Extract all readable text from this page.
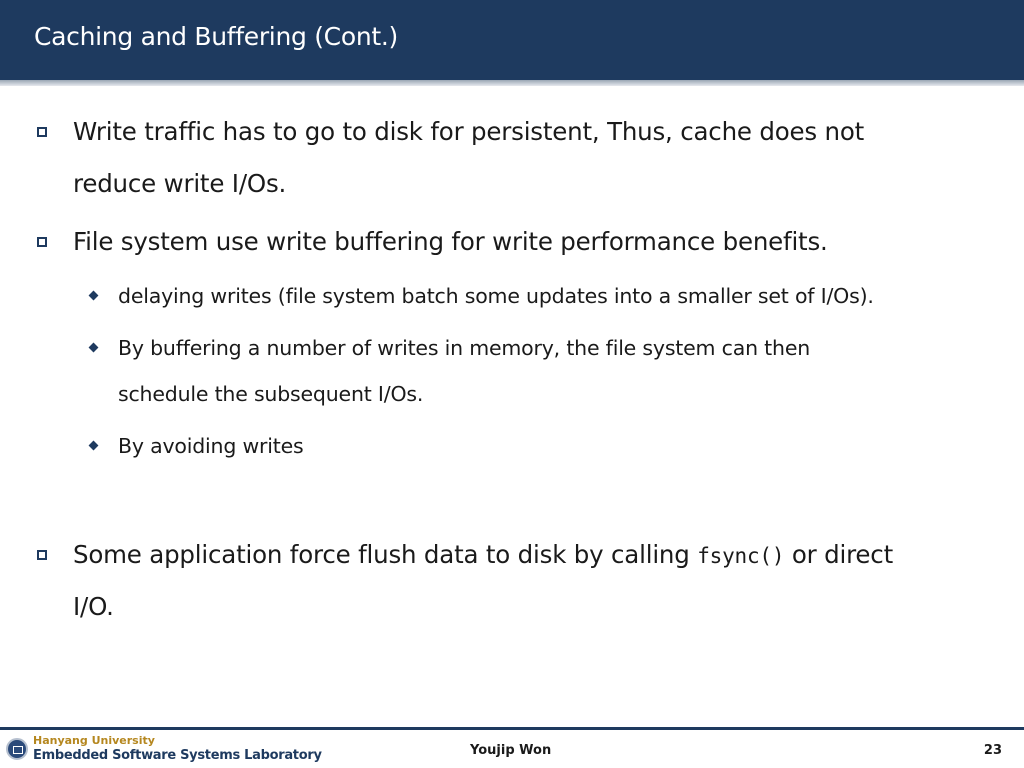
Caching and Buffering (Cont.)
Write traffic has to go to disk for persistent, Thus, cache does not
reduce write I/Os.
File system use write buffering for write performance benefits.
delaying writes (file system batch some updates into a smaller set of I/Os).
By buffering a number of writes in memory, the file system can then
schedule the subsequent I/Os.
By avoiding writes
Some application force flush data to disk by calling fsync() or direct
I/O.
Hanyang University
Embedded Software Systems Laboratory	Youjip Won	23
